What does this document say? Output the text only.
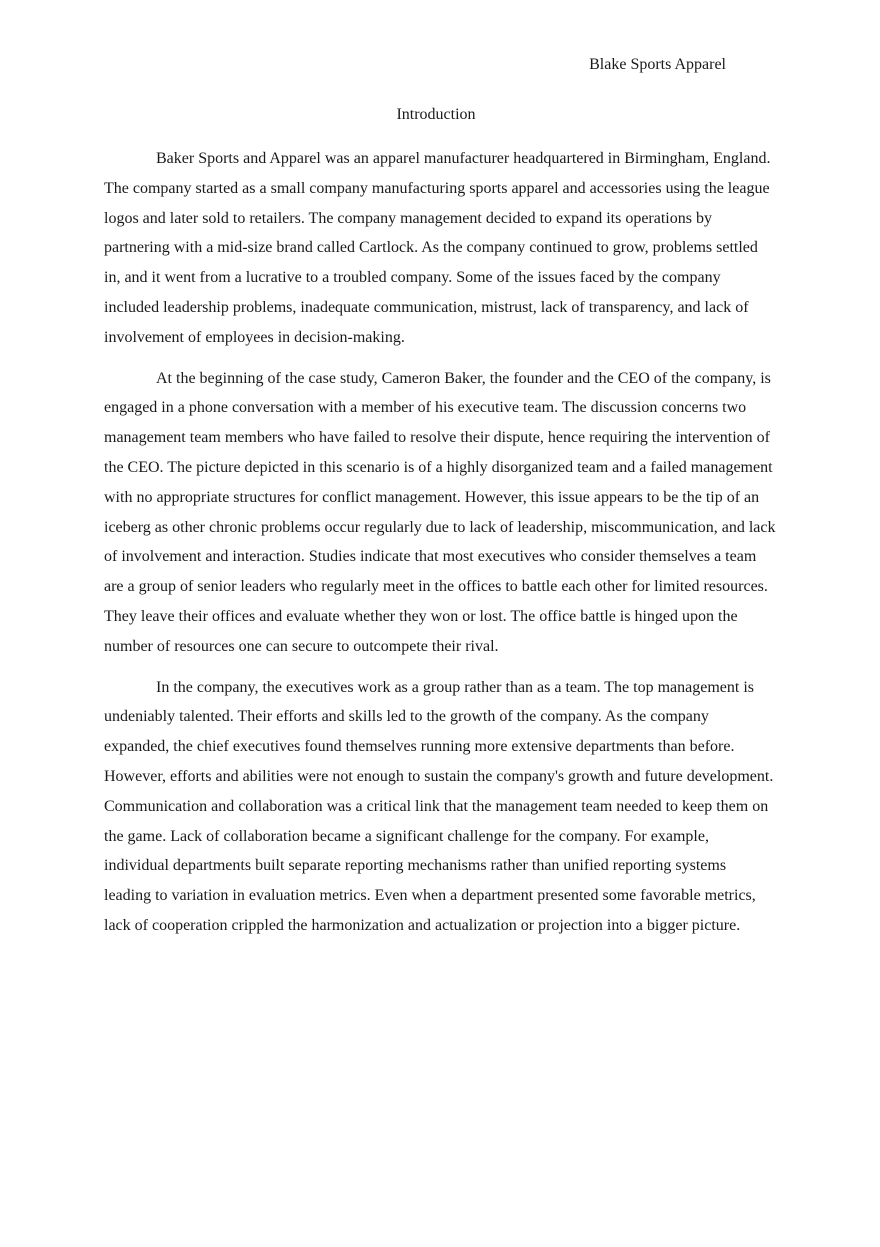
Blake Sports Apparel
Introduction

Baker Sports and Apparel was an apparel manufacturer headquartered in Birmingham, England. The company started as a small company manufacturing sports apparel and accessories using the league logos and later sold to retailers. The company management decided to expand its operations by partnering with a mid-size brand called Cartlock. As the company continued to grow, problems settled in, and it went from a lucrative to a troubled company. Some of the issues faced by the company included leadership problems, inadequate communication, mistrust, lack of transparency, and lack of involvement of employees in decision-making.

At the beginning of the case study, Cameron Baker, the founder and the CEO of the company, is engaged in a phone conversation with a member of his executive team. The discussion concerns two management team members who have failed to resolve their dispute, hence requiring the intervention of the CEO. The picture depicted in this scenario is of a highly disorganized team and a failed management with no appropriate structures for conflict management. However, this issue appears to be the tip of an iceberg as other chronic problems occur regularly due to lack of leadership, miscommunication, and lack of involvement and interaction. Studies indicate that most executives who consider themselves a team are a group of senior leaders who regularly meet in the offices to battle each other for limited resources. They leave their offices and evaluate whether they won or lost. The office battle is hinged upon the number of resources one can secure to outcompete their rival.

In the company, the executives work as a group rather than as a team. The top management is undeniably talented. Their efforts and skills led to the growth of the company. As the company expanded, the chief executives found themselves running more extensive departments than before. However, efforts and abilities were not enough to sustain the company's growth and future development. Communication and collaboration was a critical link that the management team needed to keep them on the game. Lack of collaboration became a significant challenge for the company. For example, individual departments built separate reporting mechanisms rather than unified reporting systems leading to variation in evaluation metrics. Even when a department presented some favorable metrics, lack of cooperation crippled the harmonization and actualization or projection into a bigger picture.
